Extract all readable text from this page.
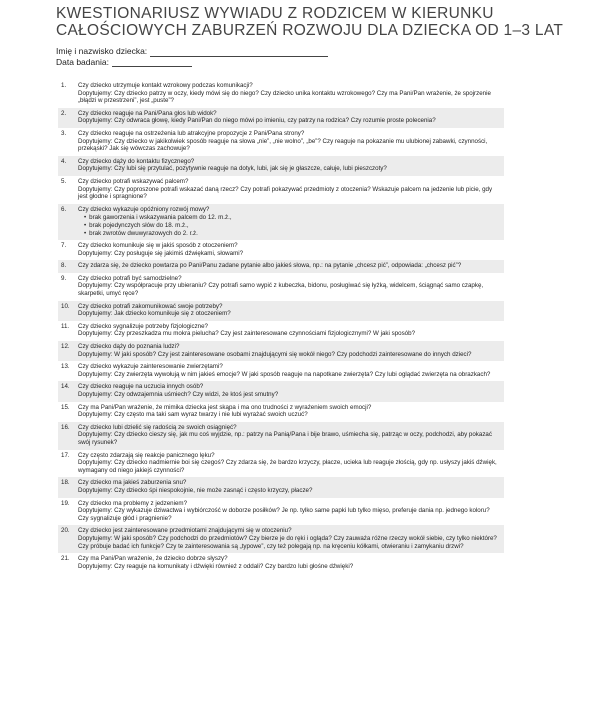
KWESTIONARIUSZ WYWIADU Z RODZICEM W KIERUNKU CAŁOŚCIOWYCH ZABURZEŃ ROZWOJU DLA DZIECKA OD 1–3 LAT
Imię i nazwisko dziecka:
Data badania:
1.	Czy dziecko utrzymuje kontakt wzrokowy podczas komunikacji?
Dopytujemy: Czy dziecko patrzy w oczy, kiedy mówi się do niego? Czy dziecko unika kontaktu wzrokowego? Czy ma Pani/Pan wrażenie, że spojrzenie „błądzi w przestrzeni”, jest „puste”?
2.	Czy dziecko reaguje na Pani/Pana głos lub widok?
Dopytujemy: Czy odwraca głowę, kiedy Pani/Pan do niego mówi po imieniu, czy patrzy na rodzica? Czy rozumie proste polecenia?
3.	Czy dziecko reaguje na ostrzeżenia lub atrakcyjne propozycje z Pani/Pana strony?
Dopytujemy: Czy dziecko w jakikolwiek sposób reaguje na słowa „nie”, „nie wolno”, „be”? Czy reaguje na pokazanie mu ulubionej zabawki, czynności, przekąski? Jak się wówczas zachowuje?
4.	Czy dziecko dąży do kontaktu fizycznego?
Dopytujemy: Czy lubi się przytulać, pozytywnie reaguje na dotyk, lubi, jak się je głaszcze, całuje, lubi pieszczoty?
5.	Czy dziecko potrafi wskazywać palcem?
Dopytujemy: Czy poproszone potrafi wskazać daną rzecz? Czy potrafi pokazywać przedmioty z otoczenia? Wskazuje palcem na jedzenie lub picie, gdy jest głodne i spragnione?
6.	Czy dziecko wykazuje opóźniony rozwój mowy?
• brak gaworzenia i wskazywania palcem do 12. m.ż.,
• brak pojedynczych słów do 18. m.ż.,
• brak zwrotów dwuwyrazowych do 2. r.ż.
7.	Czy dziecko komunikuje się w jakiś sposób z otoczeniem?
Dopytujemy: Czy posługuje się jakimiś dźwiękami, słowami?
8.	Czy zdarza się, że dziecko powtarza po Pani/Panu zadane pytanie albo jakieś słowa, np.: na pytanie „chcesz pić”, odpowiada: „chcesz pić”?
9.	Czy dziecko potrafi być samodzielne?
Dopytujemy: Czy współpracuje przy ubieraniu? Czy potrafi samo wypić z kubeczka, bidonu, posługiwać się łyżką, widelcem, ściągnąć samo czapkę, skarpetki, umyć ręce?
10.	Czy dziecko potrafi zakomunikować swoje potrzeby?
Dopytujemy: Jak dziecko komunikuje się z otoczeniem?
11.	Czy dziecko sygnalizuje potrzeby fizjologiczne?
Dopytujemy: Czy przeszkadza mu mokra pielucha? Czy jest zainteresowane czynnościami fizjologicznymi? W jaki sposób?
12.	Czy dziecko dąży do poznania ludzi?
Dopytujemy: W jaki sposób? Czy jest zainteresowane osobami znajdującymi się wokół niego? Czy podchodzi zainteresowane do innych dzieci?
13.	Czy dziecko wykazuje zainteresowanie zwierzętami?
Dopytujemy: Czy zwierzęta wywołują w nim jakieś emocje? W jaki sposób reaguje na napotkane zwierzęta? Czy lubi oglądać zwierzęta na obrazkach?
14.	Czy dziecko reaguje na uczucia innych osób?
Dopytujemy: Czy odwzajemnia uśmiech? Czy widzi, że ktoś jest smutny?
15.	Czy ma Pani/Pan wrażenie, że mimika dziecka jest skąpa i ma ono trudności z wyrażeniem swoich emocji?
Dopytujemy: Czy często ma taki sam wyraz twarzy i nie lubi wyrażać swoich uczuć?
16.	Czy dziecko lubi dzielić się radością ze swoich osiągnięć?
Dopytujemy: Czy dziecko cieszy się, jak mu coś wyjdzie, np.: patrzy na Panią/Pana i bije brawo, uśmiecha się, patrząc w oczy, podchodzi, aby pokazać swój rysunek?
17.	Czy często zdarzają się reakcje panicznego lęku?
Dopytujemy: Czy dziecko nadmiernie boi się czegoś? Czy zdarza się, że bardzo krzyczy, płacze, ucieka lub reaguje złością, gdy np. usłyszy jakiś dźwięk, wymagany od niego jakiejś czynności?
18.	Czy dziecko ma jakieś zaburzenia snu?
Dopytujemy: Czy dziecko śpi niespokojnie, nie może zasnąć i często krzyczy, płacze?
19.	Czy dziecko ma problemy z jedzeniem?
Dopytujemy: Czy wykazuje dziwactwa i wybiórczość w doborze posiłków? Je np. tylko same papki lub tylko mięso, preferuje dania np. jednego koloru? Czy sygnalizuje głód i pragnienie?
20.	Czy dziecko jest zainteresowane przedmiotami znajdującymi się w otoczeniu?
Dopytujemy: W jaki sposób? Czy podchodzi do przedmiotów? Czy bierze je do ręki i ogląda? Czy zauważa różne rzeczy wokół siebie, czy tylko niektóre? Czy próbuje badać ich funkcje? Czy te zainteresowania są „typowe”, czy też polegają np. na kręceniu kółkami, otwieraniu i zamykaniu drzwi?
21.	Czy ma Pani/Pan wrażenie, że dziecko dobrze słyszy?
Dopytujemy: Czy reaguje na komunikaty i dźwięki również z oddali? Czy bardzo lubi głośne dźwięki?
